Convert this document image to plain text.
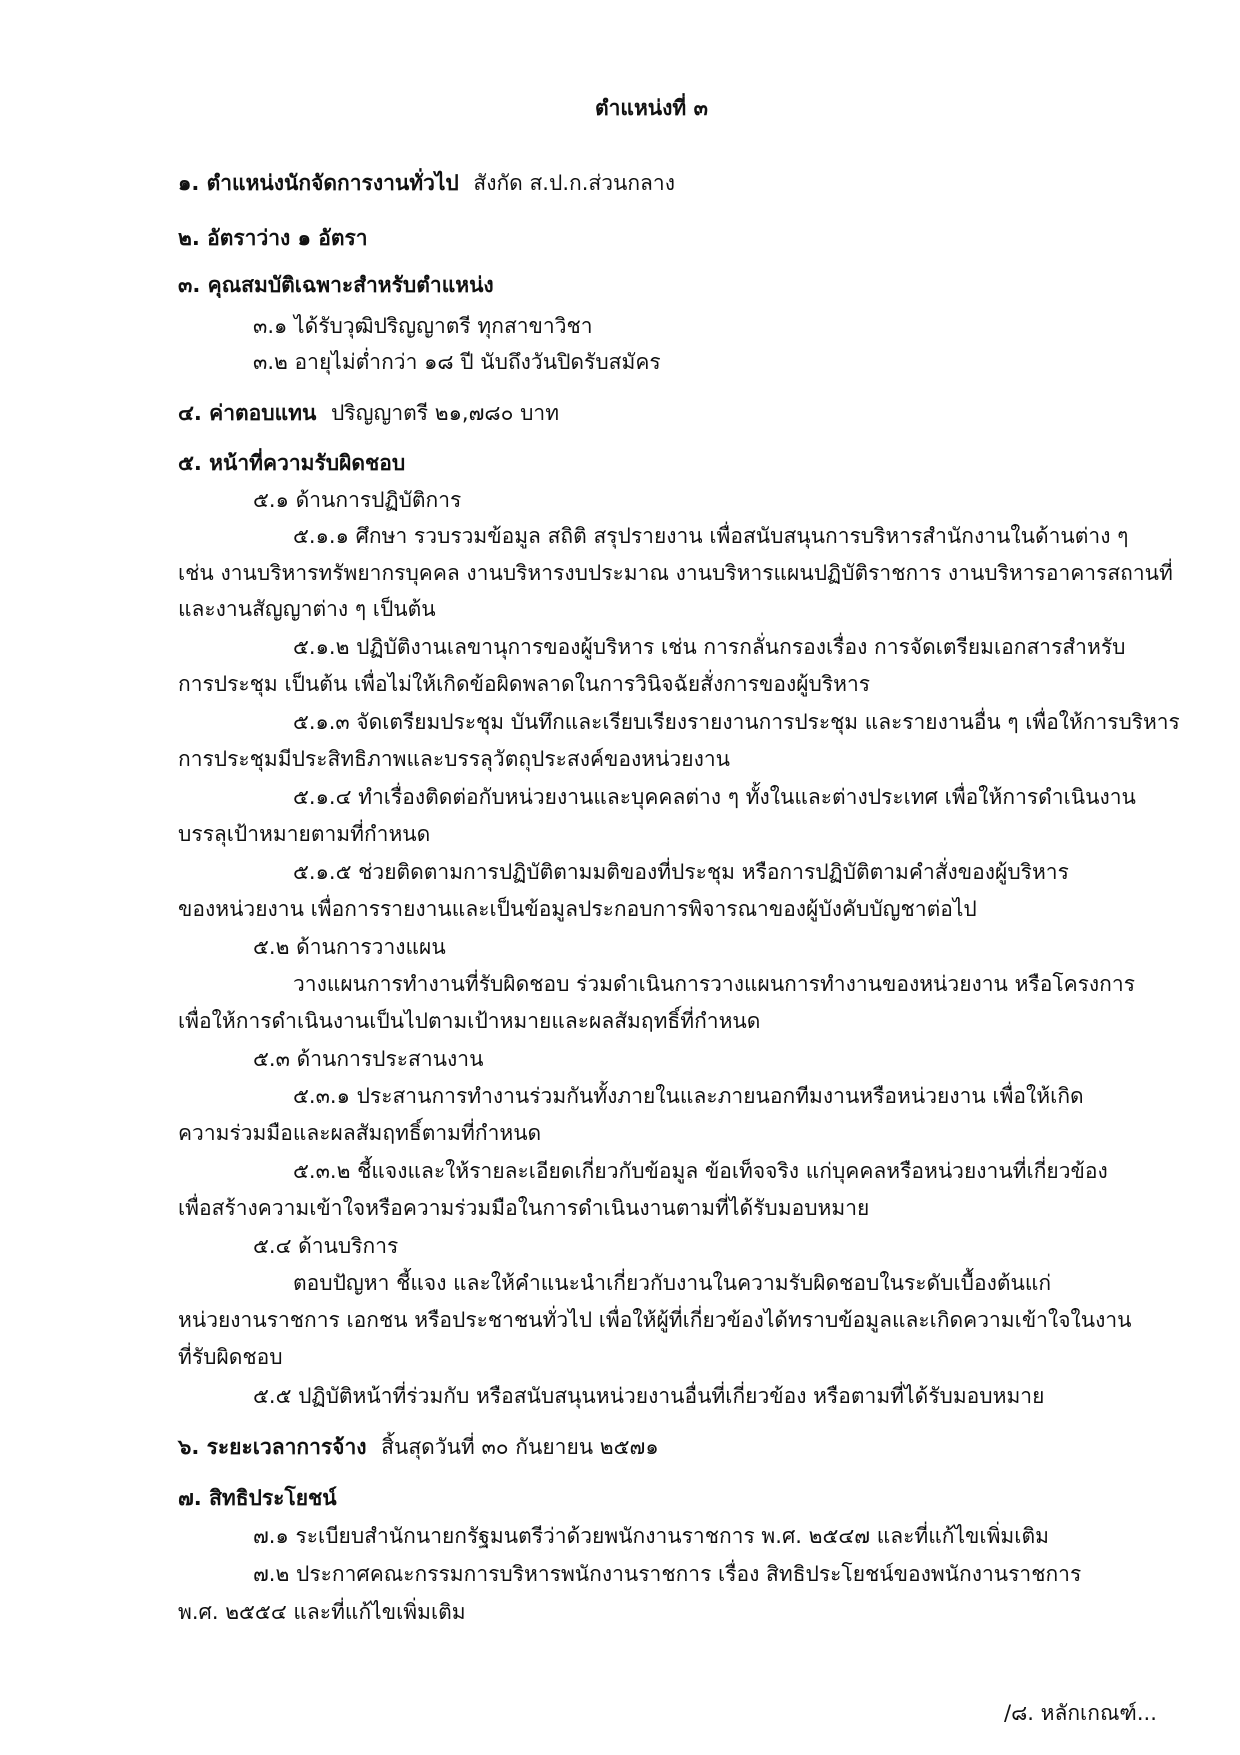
ตำแหน่งที่ ๓
๑. ตำแหน่งนักจัดการงานทั่วไป สังกัด ส.ป.ก.ส่วนกลาง
๒. อัตราว่าง ๑ อัตรา
๓. คุณสมบัติเฉพาะสำหรับตำแหน่ง
๓.๑ ได้รับวุฒิปริญญาตรี ทุกสาขาวิชา
๓.๒ อายุไม่ต่ำกว่า ๑๘ ปี นับถึงวันปิดรับสมัคร
๔. ค่าตอบแทน ปริญญาตรี ๒๑,๗๘๐ บาท
๕. หน้าที่ความรับผิดชอบ
๕.๑ ด้านการปฏิบัติการ
๕.๑.๑ ศึกษา รวบรวมข้อมูล สถิติ สรุปรายงาน เพื่อสนับสนุนการบริหารสำนักงานในด้านต่าง ๆ
เช่น งานบริหารทรัพยากรบุคคล งานบริหารงบประมาณ งานบริหารแผนปฏิบัติราชการ งานบริหารอาคารสถานที่
และงานสัญญาต่าง ๆ เป็นต้น
๕.๑.๒ ปฏิบัติงานเลขานุการของผู้บริหาร เช่น การกลั่นกรองเรื่อง การจัดเตรียมเอกสารสำหรับ
การประชุม เป็นต้น เพื่อไม่ให้เกิดข้อผิดพลาดในการวินิจฉัยสั่งการของผู้บริหาร
๕.๑.๓ จัดเตรียมประชุม บันทึกและเรียบเรียงรายงานการประชุม และรายงานอื่น ๆ เพื่อให้การบริหาร
การประชุมมีประสิทธิภาพและบรรลุวัตถุประสงค์ของหน่วยงาน
๕.๑.๔ ทำเรื่องติดต่อกับหน่วยงานและบุคคลต่าง ๆ ทั้งในและต่างประเทศ เพื่อให้การดำเนินงาน
บรรลุเป้าหมายตามที่กำหนด
๕.๑.๕ ช่วยติดตามการปฏิบัติตามมติของที่ประชุม หรือการปฏิบัติตามคำสั่งของผู้บริหาร
ของหน่วยงาน เพื่อการรายงานและเป็นข้อมูลประกอบการพิจารณาของผู้บังคับบัญชาต่อไป
๕.๒ ด้านการวางแผน
วางแผนการทำงานที่รับผิดชอบ ร่วมดำเนินการวางแผนการทำงานของหน่วยงาน หรือโครงการ
เพื่อให้การดำเนินงานเป็นไปตามเป้าหมายและผลสัมฤทธิ์ที่กำหนด
๕.๓ ด้านการประสานงาน
๕.๓.๑ ประสานการทำงานร่วมกันทั้งภายในและภายนอกทีมงานหรือหน่วยงาน เพื่อให้เกิด
ความร่วมมือและผลสัมฤทธิ์ตามที่กำหนด
๕.๓.๒ ชี้แจงและให้รายละเอียดเกี่ยวกับข้อมูล ข้อเท็จจริง แก่บุคคลหรือหน่วยงานที่เกี่ยวข้อง
เพื่อสร้างความเข้าใจหรือความร่วมมือในการดำเนินงานตามที่ได้รับมอบหมาย
๕.๔ ด้านบริการ
ตอบปัญหา ชี้แจง และให้คำแนะนำเกี่ยวกับงานในความรับผิดชอบในระดับเบื้องต้นแก่
หน่วยงานราชการ เอกชน หรือประชาชนทั่วไป เพื่อให้ผู้ที่เกี่ยวข้องได้ทราบข้อมูลและเกิดความเข้าใจในงาน
ที่รับผิดชอบ
๕.๕ ปฏิบัติหน้าที่ร่วมกับ หรือสนับสนุนหน่วยงานอื่นที่เกี่ยวข้อง หรือตามที่ได้รับมอบหมาย
๖. ระยะเวลาการจ้าง สิ้นสุดวันที่ ๓๐ กันยายน ๒๕๗๑
๗. สิทธิประโยชน์
๗.๑ ระเบียบสำนักนายกรัฐมนตรีว่าด้วยพนักงานราชการ พ.ศ. ๒๕๔๗ และที่แก้ไขเพิ่มเติม
๗.๒ ประกาศคณะกรรมการบริหารพนักงานราชการ เรื่อง สิทธิประโยชน์ของพนักงานราชการ
พ.ศ. ๒๕๕๔ และที่แก้ไขเพิ่มเติม
/๘. หลักเกณฑ์...
